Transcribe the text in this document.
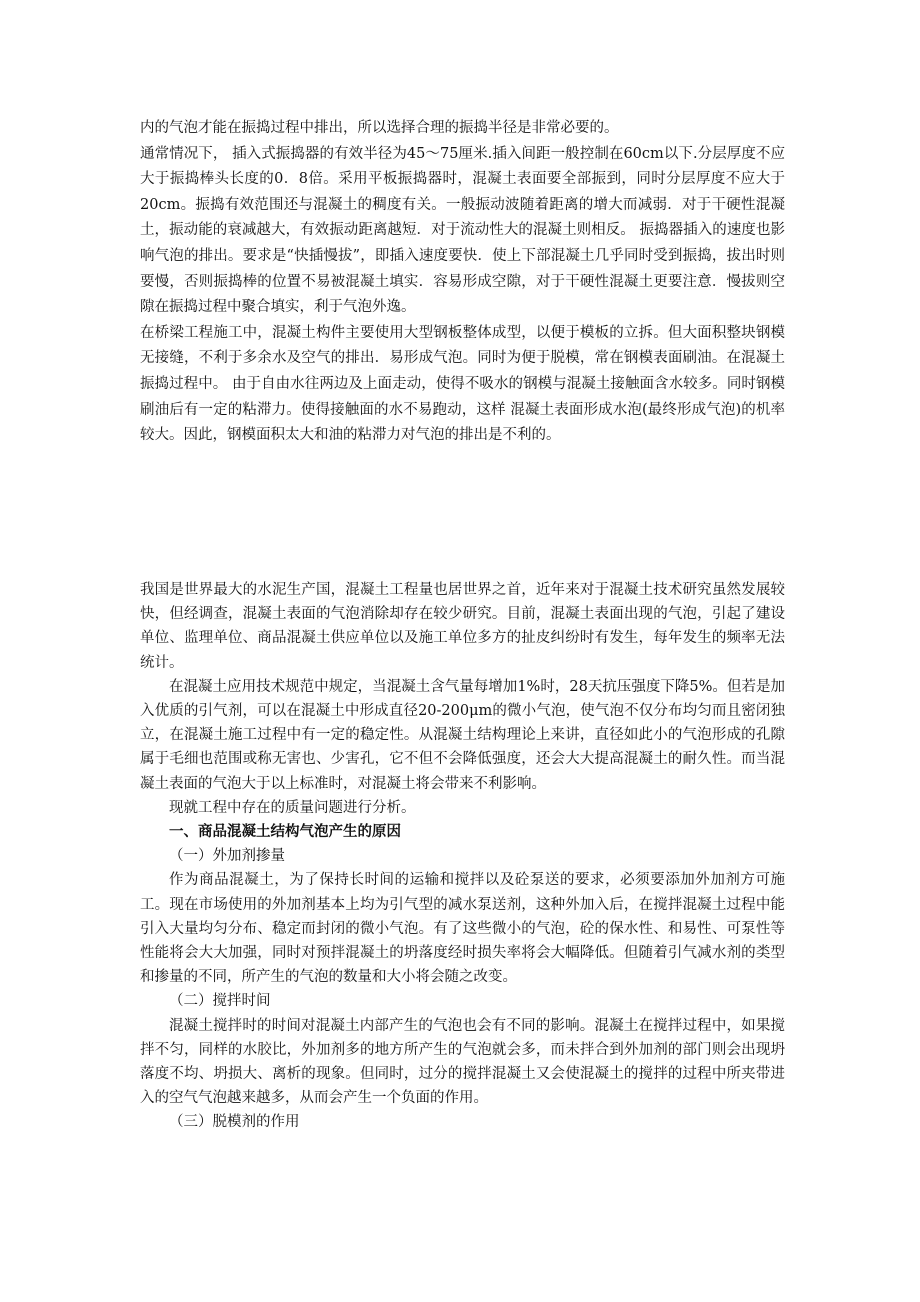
内的气泡才能在振捣过程中排出，所以选择合理的振捣半径是非常必要的。

通常情况下， 插入式振捣器的有效半径为45～75厘米.插入间距一般控制在60cm以下.分层厚度不应大于振捣棒头长度的0．8倍。采用平板振捣器时，混凝土表面要全部振到，同时分层厚度不应大于20cm。振捣有效范围还与混凝土的稠度有关。一般振动波随着距离的增大而减弱．对于干硬性混凝土，振动能的衰减越大，有效振动距离越短．对于流动性大的混凝土则相反。 振捣器插入的速度也影响气泡的排出。要求是“快插慢拔”，即插入速度要快．使上下部混凝土几乎同时受到振捣，拔出时则要慢，否则振捣棒的位置不易被混凝土填实．容易形成空隙，对于干硬性混凝土更要注意．慢拔则空隙在振捣过程中聚合填实，利于气泡外逸。

在桥梁工程施工中，混凝土构件主要使用大型钢板整体成型，以便于模板的立拆。但大面积整块钢模无接缝，不利于多余水及空气的排出．易形成气泡。同时为便于脱模，常在钢模表面刷油。在混凝土振捣过程中。 由于自由水往两边及上面走动，使得不吸水的钢模与混凝土接触面含水较多。同时钢模刷油后有一定的粘滞力。使得接触面的水不易跑动，这样 混凝土表面形成水泡(最终形成气泡)的机率较大。因此，钢模面积太大和油的粘滞力对气泡的排出是不利的。

我国是世界最大的水泥生产国，混凝土工程量也居世界之首，近年来对于混凝土技术研究虽然发展较快，但经调查，混凝土表面的气泡消除却存在较少研究。目前，混凝土表面出现的气泡，引起了建设单位、监理单位、商品混凝土供应单位以及施工单位多方的扯皮纠纷时有发生，每年发生的频率无法统计。

在混凝土应用技术规范中规定，当混凝土含气量每增加1%时，28天抗压强度下降5%。但若是加入优质的引气剂，可以在混凝土中形成直径20-200μm的微小气泡，使气泡不仅分布均匀而且密闭独立，在混凝土施工过程中有一定的稳定性。从混凝土结构理论上来讲，直径如此小的气泡形成的孔隙属于毛细也范围或称无害也、少害孔，它不但不会降低强度，还会大大提高混凝土的耐久性。而当混凝土表面的气泡大于以上标准时，对混凝土将会带来不利影响。

现就工程中存在的质量问题进行分析。

一、商品混凝土结构气泡产生的原因

（一）外加剂掺量

作为商品混凝土，为了保持长时间的运输和搅拌以及砼泵送的要求，必须要添加外加剂方可施工。现在市场使用的外加剂基本上均为引气型的减水泵送剂，这种外加入后，在搅拌混凝土过程中能引入大量均匀分布、稳定而封闭的微小气泡。有了这些微小的气泡，砼的保水性、和易性、可泵性等性能将会大大加强，同时对预拌混凝土的坍落度经时损失率将会大幅降低。但随着引气减水剂的类型和掺量的不同，所产生的气泡的数量和大小将会随之改变。

（二）搅拌时间

混凝土搅拌时的时间对混凝土内部产生的气泡也会有不同的影响。混凝土在搅拌过程中，如果搅拌不匀，同样的水胶比，外加剂多的地方所产生的气泡就会多，而未拌合到外加剂的部门则会出现坍落度不均、坍损大、离析的现象。但同时，过分的搅拌混凝土又会使混凝土的搅拌的过程中所夹带进入的空气气泡越来越多，从而会产生一个负面的作用。

（三）脱模剂的作用
